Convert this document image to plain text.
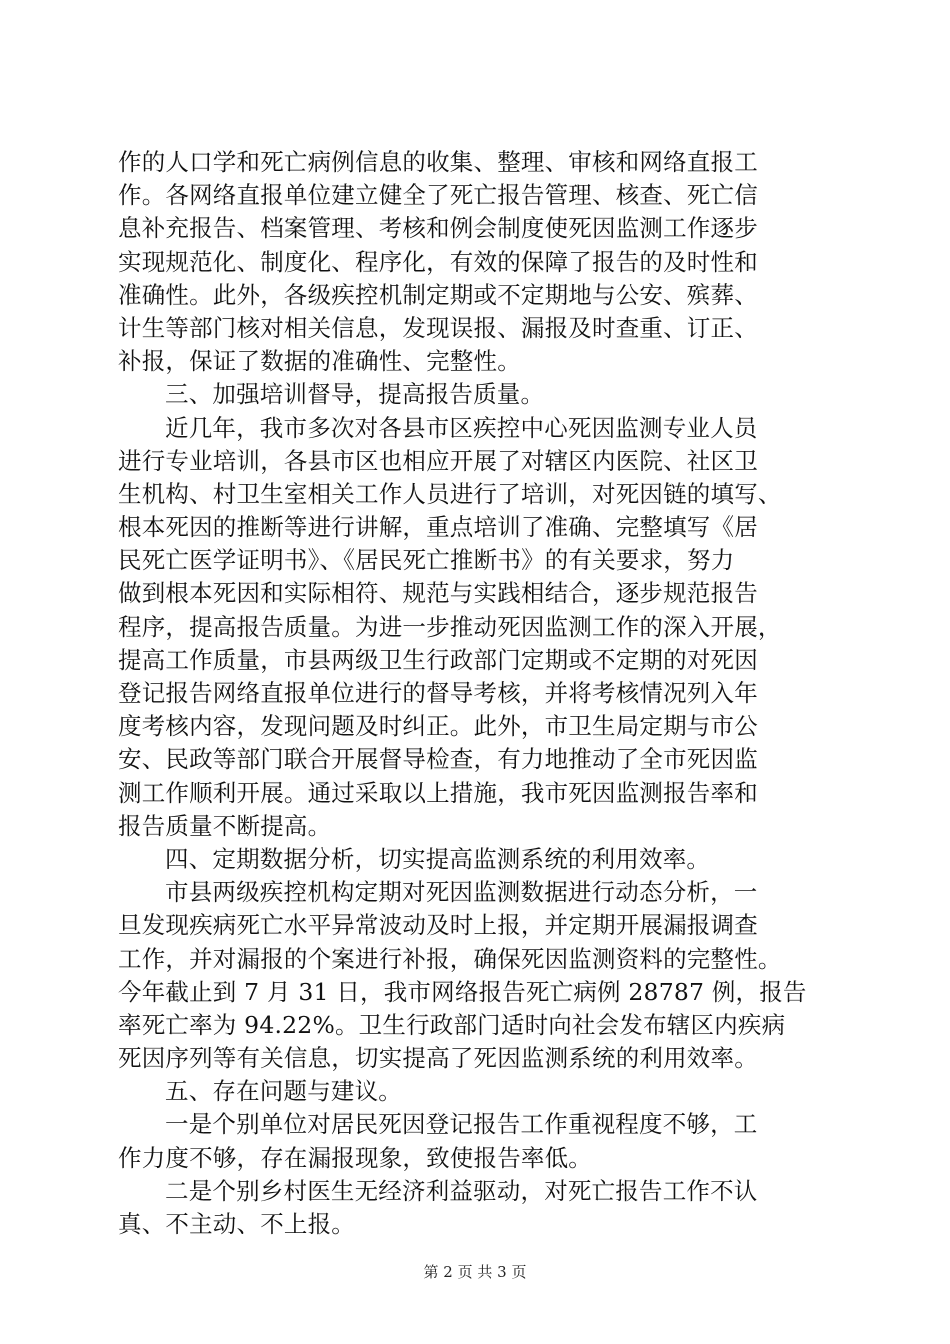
作的人口学和死亡病例信息的收集、整理、审核和网络直报工
作。各网络直报单位建立健全了死亡报告管理、核查、死亡信
息补充报告、档案管理、考核和例会制度使死因监测工作逐步
实现规范化、制度化、程序化，有效的保障了报告的及时性和
准确性。此外，各级疾控机制定期或不定期地与公安、殡葬、
计生等部门核对相关信息，发现误报、漏报及时查重、订正、
补报，保证了数据的准确性、完整性。
三、加强培训督导，提高报告质量。
近几年，我市多次对各县市区疾控中心死因监测专业人员
进行专业培训，各县市区也相应开展了对辖区内医院、社区卫
生机构、村卫生室相关工作人员进行了培训，对死因链的填写、
根本死因的推断等进行讲解，重点培训了准确、完整填写《居
民死亡医学证明书》、《居民死亡推断书》的有关要求，努力
做到根本死因和实际相符、规范与实践相结合，逐步规范报告
程序，提高报告质量。为进一步推动死因监测工作的深入开展，
提高工作质量，市县两级卫生行政部门定期或不定期的对死因
登记报告网络直报单位进行的督导考核，并将考核情况列入年
度考核内容，发现问题及时纠正。此外，市卫生局定期与市公
安、民政等部门联合开展督导检查，有力地推动了全市死因监
测工作顺利开展。通过采取以上措施，我市死因监测报告率和
报告质量不断提高。
四、定期数据分析，切实提高监测系统的利用效率。
市县两级疾控机构定期对死因监测数据进行动态分析，一
旦发现疾病死亡水平异常波动及时上报，并定期开展漏报调查
工作，并对漏报的个案进行补报，确保死因监测资料的完整性。
今年截止到 7 月 31 日，我市网络报告死亡病例 28787 例，报告
率死亡率为 94.22%。卫生行政部门适时向社会发布辖区内疾病
死因序列等有关信息，切实提高了死因监测系统的利用效率。
五、存在问题与建议。
一是个别单位对居民死因登记报告工作重视程度不够，工
作力度不够，存在漏报现象，致使报告率低。
二是个别乡村医生无经济利益驱动，对死亡报告工作不认
真、不主动、不上报。
第 2 页 共 3 页
